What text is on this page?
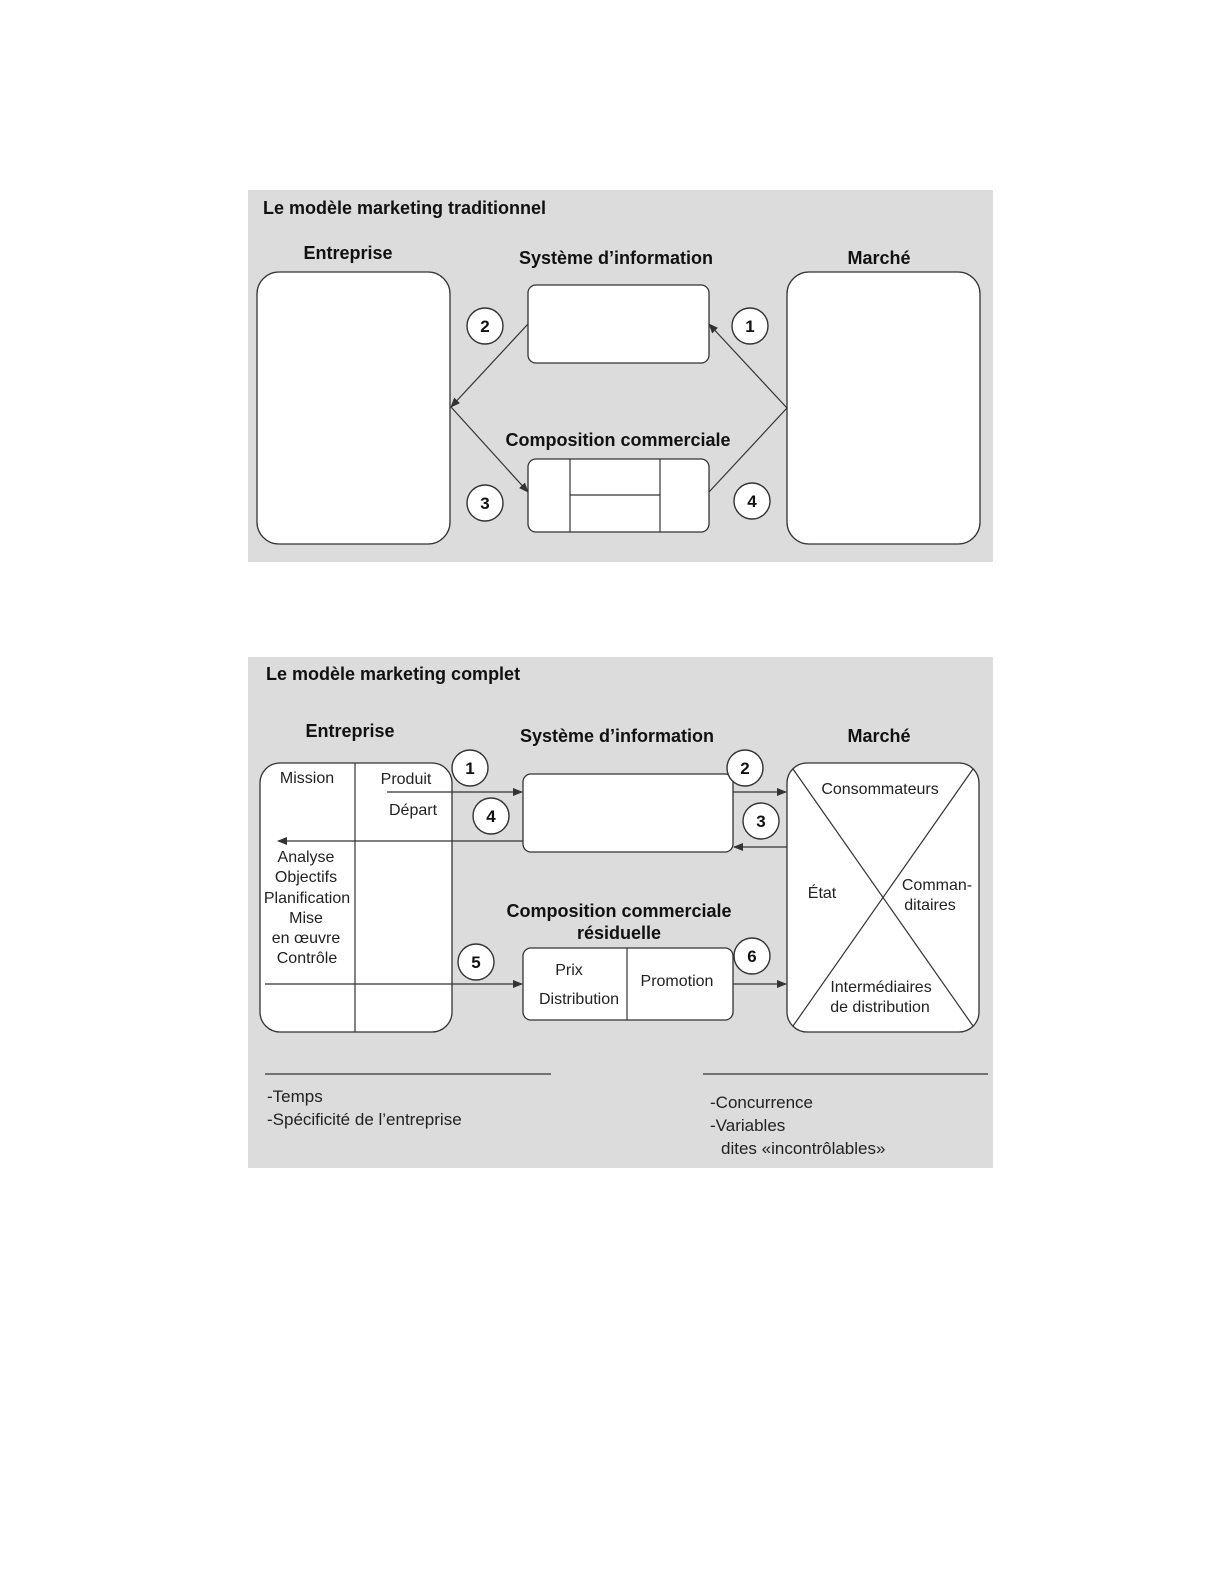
Le modèle marketing traditionnel
Entreprise	Système d’information	Marché
Composition commerciale
2	1
3	4
Le modèle marketing complet
Entreprise	Système d’information	Marché
Mission	Produit
Départ
Analyse
Objectifs
Planification
Mise
en œuvre
Contrôle
Consommateurs
État	Comman-
ditaires
Intermédiaires
de distribution
Composition commerciale
résiduelle
Prix
Distribution
Promotion
1	2
4	3
5	6
-Temps
-Spécificité de l’entreprise
-Concurrence
-Variables
dites «incontrôlables»
